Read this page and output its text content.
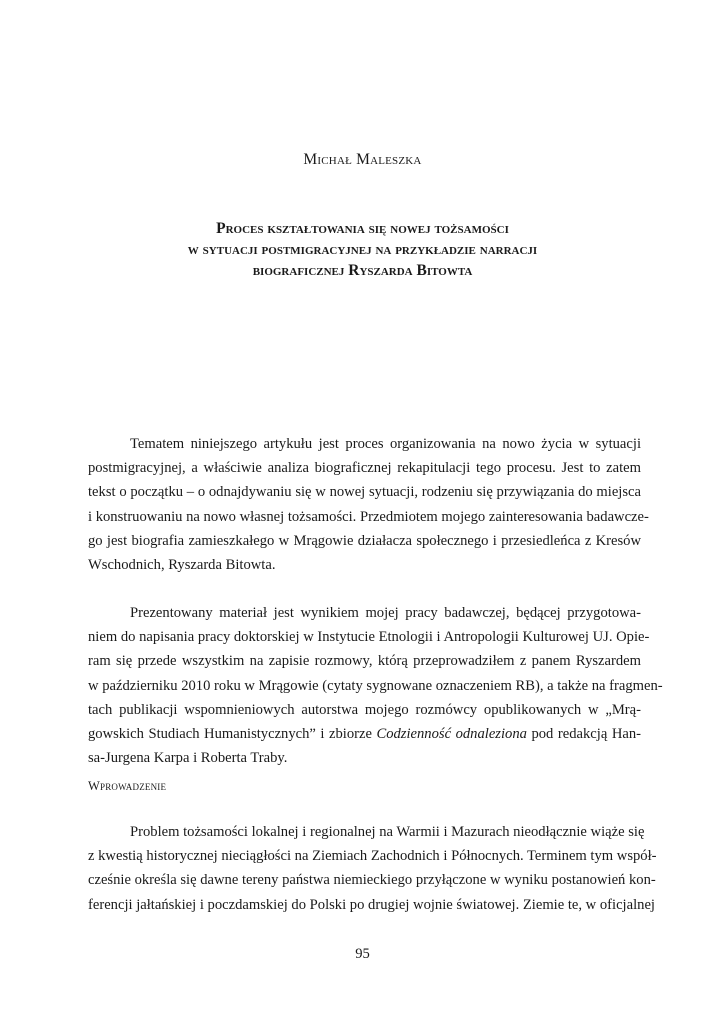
Michał Maleszka
Proces kształtowania się nowej tożsamości
w sytuacji postmigracyjnej na przykładzie narracji
biograficznej Ryszarda Bitowta
Tematem niniejszego artykułu jest proces organizowania na nowo życia w sytuacji
postmigracyjnej, a właściwie analiza biograficznej rekapitulacji tego procesu. Jest to zatem
tekst o początku – o odnajdywaniu się w nowej sytuacji, rodzeniu się przywiązania do miejsca
i konstruowaniu na nowo własnej tożsamości. Przedmiotem mojego zainteresowania badawcze-
go jest biografia zamieszkałego w Mrągowie działacza społecznego i przesiedleńca z Kresów
Wschodnich, Ryszarda Bitowta.
Prezentowany materiał jest wynikiem mojej pracy badawczej, będącej przygotowa-
niem do napisania pracy doktorskiej w Instytucie Etnologii i Antropologii Kulturowej UJ. Opie-
ram się przede wszystkim na zapisie rozmowy, którą przeprowadziłem z panem Ryszardem
w październiku 2010 roku w Mrągowie (cytaty sygnowane oznaczeniem RB), a także na fragmen-
tach publikacji wspomnieniowych autorstwa mojego rozmówcy opublikowanych w „Mrą-
gowskich Studiach Humanistycznych” i zbiorze Codzienność odnaleziona pod redakcją Han-
sa-Jurgena Karpa i Roberta Traby.
Wprowadzenie
Problem tożsamości lokalnej i regionalnej na Warmii i Mazurach nieodłącznie wiąże się
z kwestią historycznej nieciągłości na Ziemiach Zachodnich i Północnych. Terminem tym współ-
cześnie określa się dawne tereny państwa niemieckiego przyłączone w wyniku postanowień kon-
ferencji jałtańskiej i poczdamskiej do Polski po drugiej wojnie światowej. Ziemie te, w oficjalnej
95
